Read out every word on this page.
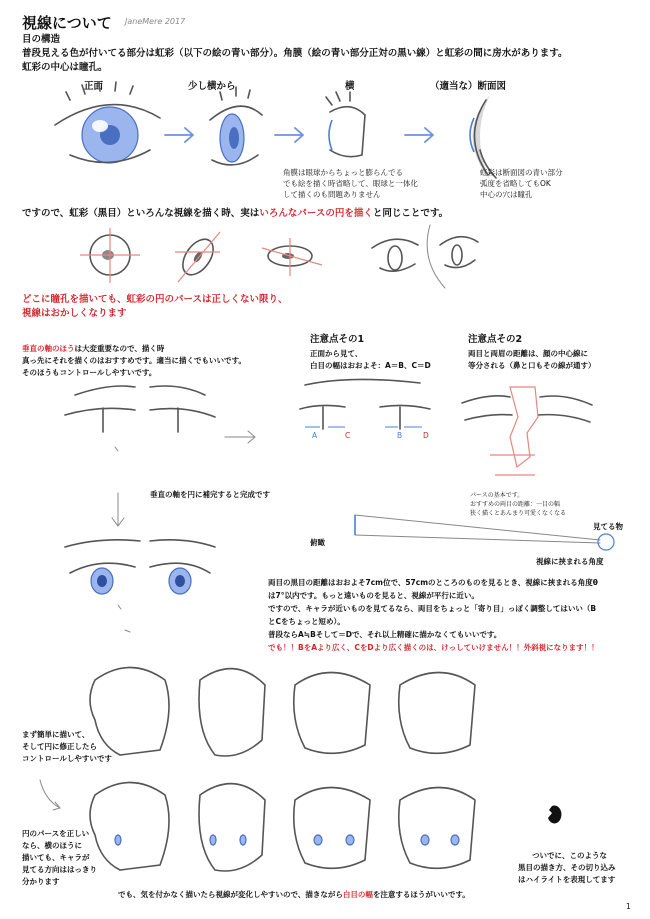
視線について JaneMere 2017
目の構造
普段見える色が付いてる部分は虹彩（以下の絵の青い部分）。角膜（絵の青い部分正対の黒い線）と虹彩の間に房水があります。
虹彩の中心は瞳孔。
正面	少し横から	横	（適当な）断面図
角膜は眼球からちょっと膨らんでる
でも絵を描く時省略して、眼球と一体化
して描くのも問題ありません
虹彩は断面図の青い部分
弧度を省略してもOK
中心の穴は瞳孔
ですので、虹彩（黒目）といろんな視線を描く時、実はいろんなパースの円を描くと同じことです。
どこに瞳孔を描いても、虹彩の円のパースは正しくない限り、
視線はおかしくなります
垂直の軸のほうは大変重要なので、描く時
真っ先にそれを描くのはおすすめです。適当に描くでもいいです。
そのほうもコントロールしやすいです。
注意点その1
正面から見て、
白目の幅はおおよそ：A＝B、C＝D
注意点その2
両目と両眉の距離は、顔の中心線に
等分される（鼻と口もその線が通す）
A	C	B	D
垂直の軸を円に補完すると完成です	パースの基本です。
おすすめの両目の距離：一目の幅
狭く描くとあんまり可愛くなくなる
俯瞰
見てる物
視線に挟まれる角度
両目の黒目の距離はおおよそ7cm位で、57cmのところのものを見るとき、視線に挟まれる角度θ
は7°以内です。もっと遠いものを見ると、視線が平行に近い。
ですので、キャラが近いものを見てるなら、両目をちょっと「寄り目」っぽく調整してはいい（B
とCをちょっと短め）。
普段ならA≒Bそして＝Dで、それ以上精確に描かなくてもいいです。
でも！！BをAより広く、CをDより広く描くのは、けっしていけません！！外斜視になります！！
まず簡単に描いて、
そして円に修正したら
コントロールしやすいです
円のパースを正しい
なら、横のほうに
描いても、キャラが
見てる方向ははっきり
分かります
ついでに、このような
黒目の描き方、その切り込み
はハイライトを表現してます
でも、気を付かなく描いたら視線が変化しやすいので、描きながら白目の幅を注意するほうがいいです。
1
